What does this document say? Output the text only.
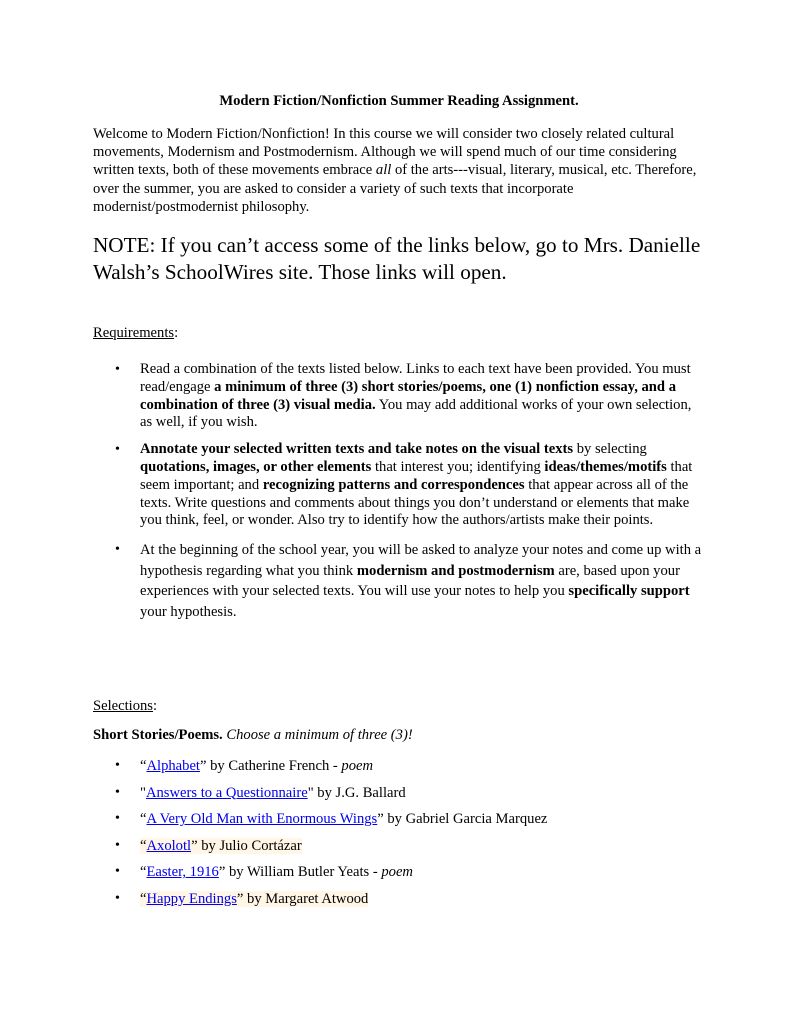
Modern Fiction/Nonfiction Summer Reading Assignment.

Welcome to Modern Fiction/Nonfiction! In this course we will consider two closely related cultural movements, Modernism and Postmodernism. Although we will spend much of our time considering written texts, both of these movements embrace all of the arts---visual, literary, musical, etc. Therefore, over the summer, you are asked to consider a variety of such texts that incorporate modernist/postmodernist philosophy.

NOTE: If you can’t access some of the links below, go to Mrs. Danielle Walsh’s SchoolWires site. Those links will open.

Requirements:
• Read a combination of the texts listed below. Links to each text have been provided. You must read/engage a minimum of three (3) short stories/poems, one (1) nonfiction essay, and a combination of three (3) visual media. You may add additional works of your own selection, as well, if you wish.
• Annotate your selected written texts and take notes on the visual texts by selecting quotations, images, or other elements that interest you; identifying ideas/themes/motifs that seem important; and recognizing patterns and correspondences that appear across all of the texts. Write questions and comments about things you don’t understand or elements that make you think, feel, or wonder. Also try to identify how the authors/artists make their points.
• At the beginning of the school year, you will be asked to analyze your notes and come up with a hypothesis regarding what you think modernism and postmodernism are, based upon your experiences with your selected texts. You will use your notes to help you specifically support your hypothesis.
Selections:
Short Stories/Poems. Choose a minimum of three (3)!
• “Alphabet” by Catherine French - poem
• "Answers to a Questionnaire" by J.G. Ballard
• “A Very Old Man with Enormous Wings” by Gabriel Garcia Marquez
• “Axolotl” by Julio Cortázar
• “Easter, 1916” by William Butler Yeats - poem
• “Happy Endings” by Margaret Atwood
